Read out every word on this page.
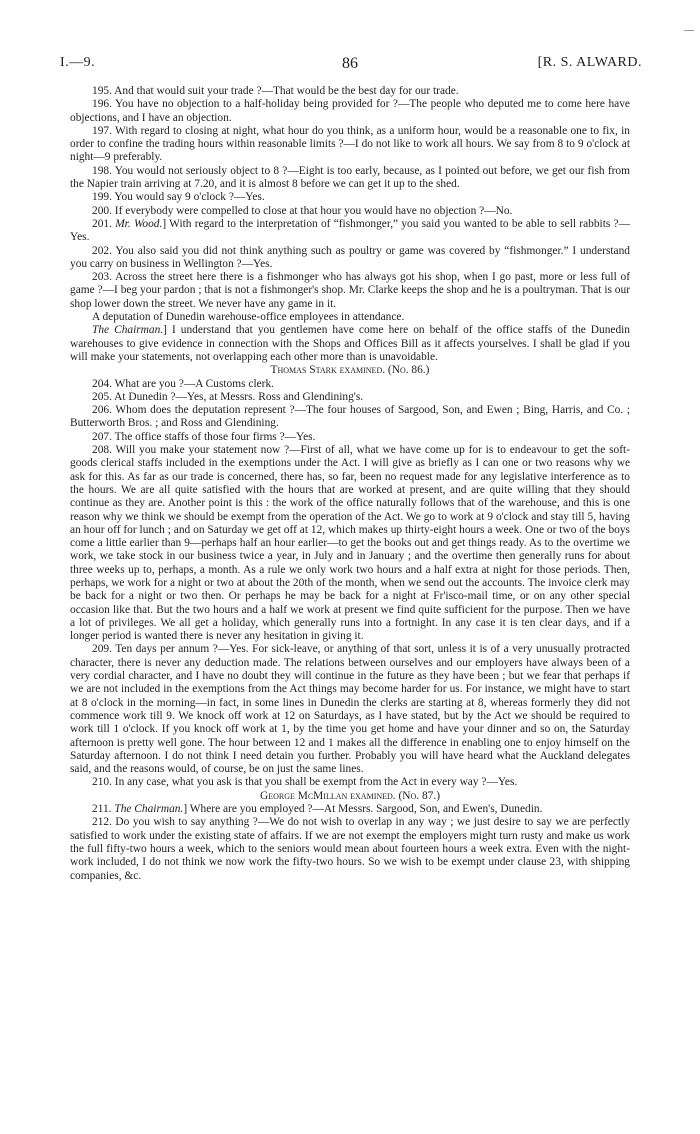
I.—9.	86	[R. S. ALWARD.

195. And that would suit your trade ?—That would be the best day for our trade.

196. You have no objection to a half-holiday being provided for ?—The people who deputed me to come here have objections, and I have an objection.

197. With regard to closing at night, what hour do you think, as a uniform hour, would be a reasonable one to fix, in order to confine the trading hours within reasonable limits ?—I do not like to work all hours. We say from 8 to 9 o'clock at night—9 preferably.

198. You would not seriously object to 8 ?—Eight is too early, because, as I pointed out before, we get our fish from the Napier train arriving at 7.20, and it is almost 8 before we can get it up to the shed.

199. You would say 9 o'clock ?—Yes.

200. If everybody were compelled to close at that hour you would have no objection ?—No.

201. Mr. Wood.] With regard to the interpretation of “fishmonger,” you said you wanted to be able to sell rabbits ?—Yes.

202. You also said you did not think anything such as poultry or game was covered by “fishmonger.” I understand you carry on business in Wellington ?—Yes.

203. Across the street here there is a fishmonger who has always got his shop, when I go past, more or less full of game ?—I beg your pardon ; that is not a fishmonger's shop. Mr. Clarke keeps the shop and he is a poultryman. That is our shop lower down the street. We never have any game in it.

A deputation of Dunedin warehouse-office employees in attendance.

The Chairman.] I understand that you gentlemen have come here on behalf of the office staffs of the Dunedin warehouses to give evidence in connection with the Shops and Offices Bill as it affects yourselves. I shall be glad if you will make your statements, not overlapping each other more than is unavoidable.

Thomas Stark examined. (No. 86.)

204. What are you ?—A Customs clerk.

205. At Dunedin ?—Yes, at Messrs. Ross and Glendining's.

206. Whom does the deputation represent ?—The four houses of Sargood, Son, and Ewen ; Bing, Harris, and Co. ; Butterworth Bros. ; and Ross and Glendining.

207. The office staffs of those four firms ?—Yes.

208. Will you make your statement now ?—First of all, what we have come up for is to endeavour to get the soft-goods clerical staffs included in the exemptions under the Act. I will give as briefly as I can one or two reasons why we ask for this. As far as our trade is concerned, there has, so far, been no request made for any legislative interference as to the hours. We are all quite satisfied with the hours that are worked at present, and are quite willing that they should continue as they are. Another point is this : the work of the office naturally follows that of the warehouse, and this is one reason why we think we should be exempt from the operation of the Act. We go to work at 9 o'clock and stay till 5, having an hour off for lunch ; and on Saturday we get off at 12, which makes up thirty-eight hours a week. One or two of the boys come a little earlier than 9—perhaps half an hour earlier—to get the books out and get things ready. As to the overtime we work, we take stock in our business twice a year, in July and in January ; and the overtime then generally runs for about three weeks up to, perhaps, a month. As a rule we only work two hours and a half extra at night for those periods. Then, perhaps, we work for a night or two at about the 20th of the month, when we send out the accounts. The invoice clerk may be back for a night or two then. Or perhaps he may be back for a night at Fr'isco-mail time, or on any other special occasion like that. But the two hours and a half we work at present we find quite sufficient for the purpose. Then we have a lot of privileges. We all get a holiday, which generally runs into a fortnight. In any case it is ten clear days, and if a longer period is wanted there is never any hesitation in giving it.

209. Ten days per annum ?—Yes. For sick-leave, or anything of that sort, unless it is of a very unusually protracted character, there is never any deduction made. The relations between ourselves and our employers have always been of a very cordial character, and I have no doubt they will continue in the future as they have been ; but we fear that perhaps if we are not included in the exemptions from the Act things may become harder for us. For instance, we might have to start at 8 o'clock in the morning—in fact, in some lines in Dunedin the clerks are starting at 8, whereas formerly they did not commence work till 9. We knock off work at 12 on Saturdays, as I have stated, but by the Act we should be required to work till 1 o'clock. If you knock off work at 1, by the time you get home and have your dinner and so on, the Saturday afternoon is pretty well gone. The hour between 12 and 1 makes all the difference in enabling one to enjoy himself on the Saturday afternoon. I do not think I need detain you further. Probably you will have heard what the Auckland delegates said, and the reasons would, of course, be on just the same lines.

210. In any case, what you ask is that you shall be exempt from the Act in every way ?—Yes.

George McMillan examined. (No. 87.)

211. The Chairman.] Where are you employed ?—At Messrs. Sargood, Son, and Ewen's, Dunedin.

212. Do you wish to say anything ?—We do not wish to overlap in any way ; we just desire to say we are perfectly satisfied to work under the existing state of affairs. If we are not exempt the employers might turn rusty and make us work the full fifty-two hours a week, which to the seniors would mean about fourteen hours a week extra. Even with the night-work included, I do not think we now work the fifty-two hours. So we wish to be exempt under clause 23, with shipping companies, &c.
